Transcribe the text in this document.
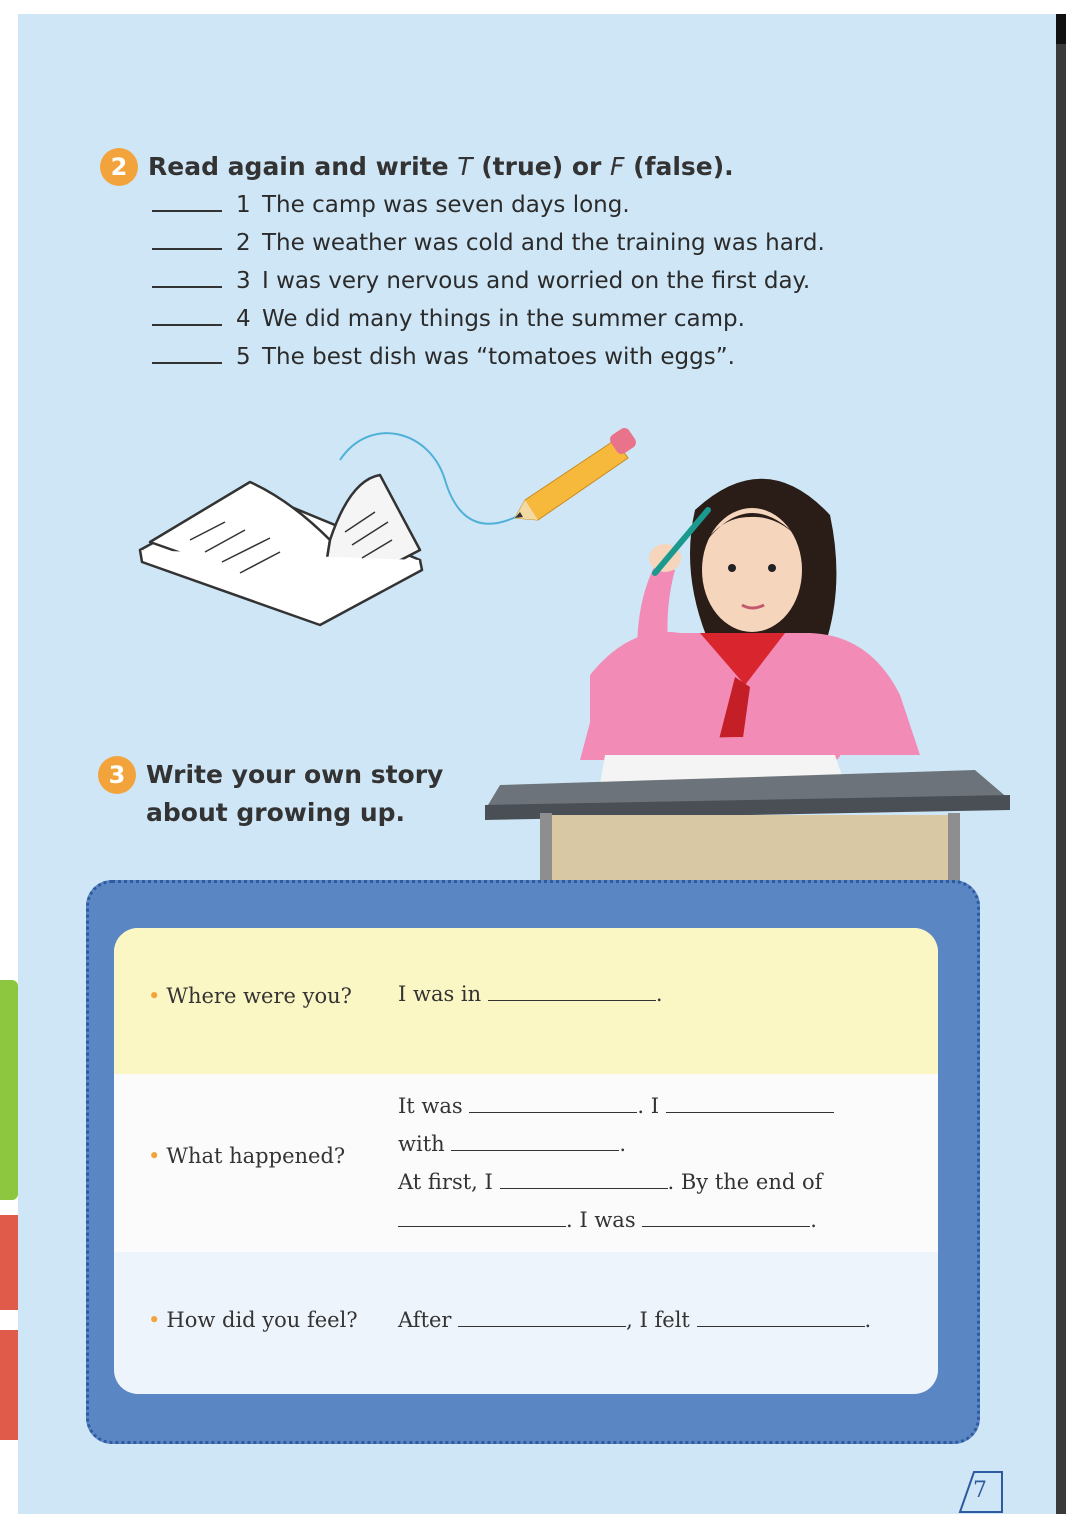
2 Read again and write T (true) or F (false).
1 The camp was seven days long.
2 The weather was cold and the training was hard.
3 I was very nervous and worried on the first day.
4 We did many things in the summer camp.
5 The best dish was “tomatoes with eggs”.
3 Write your own story
about growing up.
• Where were you? I was in	.
• What happened?
It was	. I
with	.
At first, I	. By the end of
. I was	.
• How did you feel? After	, I felt	.
7
